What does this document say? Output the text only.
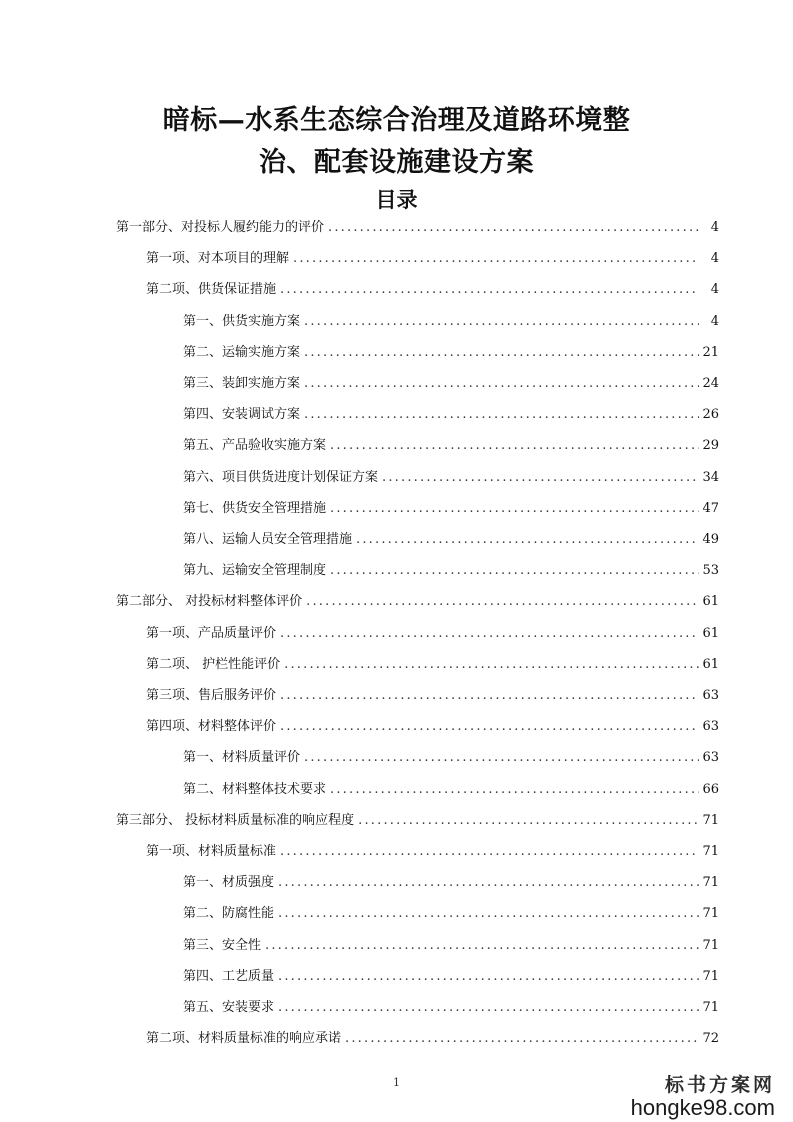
暗标—水系生态综合治理及道路环境整
治、配套设施建设方案
目录
第一部分、对投标人履约能力的评价 .....	4
第一项、对本项目的理解 .....	4
第二项、供货保证措施 .....	4
第一、供货实施方案 .....	4
第二、运输实施方案 .....	21
第三、装卸实施方案 .....	24
第四、安装调试方案 .....	26
第五、产品验收实施方案 .....	29
第六、项目供货进度计划保证方案 .....	34
第七、供货安全管理措施 .....	47
第八、运输人员安全管理措施 .....	49
第九、运输安全管理制度 .....	53
第二部分、 对投标材料整体评价 .....	61
第一项、产品质量评价 .....	61
第二项、 护栏性能评价 .....	61
第三项、售后服务评价 .....	63
第四项、材料整体评价 .....	63
第一、材料质量评价 .....	63
第二、材料整体技术要求 .....	66
第三部分、 投标材料质量标准的响应程度 .....	71
第一项、材料质量标准 .....	71
第一、材质强度 .....	71
第二、防腐性能 .....	71
第三、安全性 .....	71
第四、工艺质量 .....	71
第五、安装要求 .....	71
第二项、材料质量标准的响应承诺 .....	72
1	标书方案网
hongke98.com
